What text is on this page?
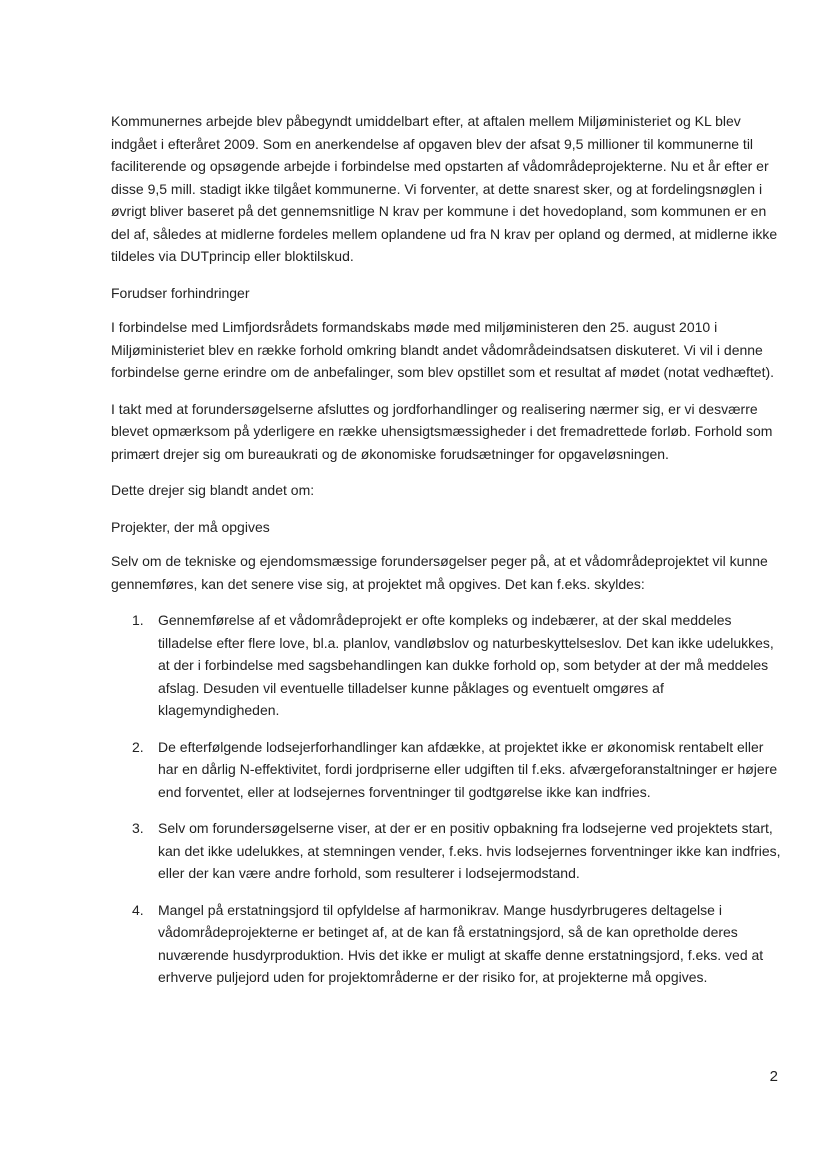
Kommunernes arbejde blev påbegyndt umiddelbart efter, at aftalen mellem Miljøministeriet og KL blev indgået i efteråret 2009. Som en anerkendelse af opgaven blev der afsat 9,5 millioner til kommunerne til faciliterende og opsøgende arbejde i forbindelse med opstarten af vådområdeprojekterne. Nu et år efter er disse 9,5 mill. stadigt ikke tilgået kommunerne. Vi forventer, at dette snarest sker, og at fordelingsnøglen i øvrigt bliver baseret på det gennemsnitlige N krav per kommune i det hovedopland, som kommunen er en del af, således at midlerne fordeles mellem oplandene ud fra N krav per opland og dermed, at midlerne ikke tildeles via DUTprincip eller bloktilskud.

Forudser forhindringer

I forbindelse med Limfjordsrådets formandskabs møde med miljøministeren den 25. august 2010 i Miljøministeriet blev en række forhold omkring blandt andet vådområdeindsatsen diskuteret. Vi vil i denne forbindelse gerne erindre om de anbefalinger, som blev opstillet som et resultat af mødet (notat vedhæftet).

I takt med at forundersøgelserne afsluttes og jordforhandlinger og realisering nærmer sig, er vi desværre blevet opmærksom på yderligere en række uhensigtsmæssigheder i det fremadrettede forløb. Forhold som primært drejer sig om bureaukrati og de økonomiske forudsætninger for opgaveløsningen.

Dette drejer sig blandt andet om:

Projekter, der må opgives

Selv om de tekniske og ejendomsmæssige forundersøgelser peger på, at et vådområdeprojektet vil kunne gennemføres, kan det senere vise sig, at projektet må opgives. Det kan f.eks. skyldes:

1. Gennemførelse af et vådområdeprojekt er ofte kompleks og indebærer, at der skal meddeles tilladelse efter flere love, bl.a. planlov, vandløbslov og naturbeskyttelseslov. Det kan ikke udelukkes, at der i forbindelse med sagsbehandlingen kan dukke forhold op, som betyder at der må meddeles afslag. Desuden vil eventuelle tilladelser kunne påklages og eventuelt omgøres af klagemyndigheden.
2. De efterfølgende lodsejerforhandlinger kan afdække, at projektet ikke er økonomisk rentabelt eller har en dårlig N-effektivitet, fordi jordpriserne eller udgiften til f.eks. afværgeforanstaltninger er højere end forventet, eller at lodsejernes forventninger til godtgørelse ikke kan indfries.
3. Selv om forundersøgelserne viser, at der er en positiv opbakning fra lodsejerne ved projektets start, kan det ikke udelukkes, at stemningen vender, f.eks. hvis lodsejernes forventninger ikke kan indfries, eller der kan være andre forhold, som resulterer i lodsejermodstand.
4. Mangel på erstatningsjord til opfyldelse af harmonikrav. Mange husdyrbrugeres deltagelse i vådområdeprojekterne er betinget af, at de kan få erstatningsjord, så de kan opretholde deres nuværende husdyrproduktion. Hvis det ikke er muligt at skaffe denne erstatningsjord, f.eks. ved at erhverve puljejord uden for projektområderne er der risiko for, at projekterne må opgives.
2
